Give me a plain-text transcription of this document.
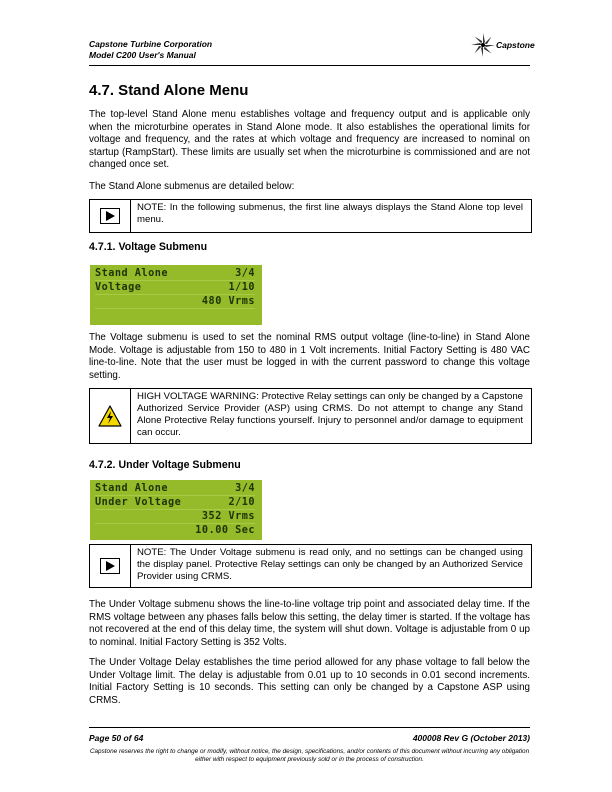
Capstone Turbine Corporation
Model C200 User's Manual
Capstone
4.7. Stand Alone Menu

The top-level Stand Alone menu establishes voltage and frequency output and is applicable only when the microturbine operates in Stand Alone mode. It also establishes the operational limits for voltage and frequency, and the rates at which voltage and frequency are increased to nominal on startup (RampStart). These limits are usually set when the microturbine is commissioned and are not changed once set.

The Stand Alone submenus are detailed below:

NOTE: In the following submenus, the first line always displays the Stand Alone top level menu.
4.7.1. Voltage Submenu
Stand Alone	3/4
Voltage	1/10
480 Vrms

The Voltage submenu is used to set the nominal RMS output voltage (line-to-line) in Stand Alone Mode. Voltage is adjustable from 150 to 480 in 1 Volt increments. Initial Factory Setting is 480 VAC line-to-line. Note that the user must be logged in with the current password to change this voltage setting.

HIGH VOLTAGE WARNING: Protective Relay settings can only be changed by a Capstone Authorized Service Provider (ASP) using CRMS. Do not attempt to change any Stand Alone Protective Relay functions yourself. Injury to personnel and/or damage to equipment can occur.
4.7.2. Under Voltage Submenu
Stand Alone	3/4
Under Voltage	2/10
352 Vrms
10.00 Sec
NOTE: The Under Voltage submenu is read only, and no settings can be changed using the display panel. Protective Relay settings can only be changed by an Authorized Service Provider using CRMS.

The Under Voltage submenu shows the line-to-line voltage trip point and associated delay time. If the RMS voltage between any phases falls below this setting, the delay timer is started. If the voltage has not recovered at the end of this delay time, the system will shut down. Voltage is adjustable from 0 up to nominal. Initial Factory Setting is 352 Volts.

The Under Voltage Delay establishes the time period allowed for any phase voltage to fall below the Under Voltage limit. The delay is adjustable from 0.01 up to 10 seconds in 0.01 second increments. Initial Factory Setting is 10 seconds. This setting can only be changed by a Capstone ASP using CRMS.

Page 50 of 64	400008 Rev G (October 2013)
Capstone reserves the right to change or modify, without notice, the design, specifications, and/or contents of this document without incurring any obligation either with respect to equipment previously sold or in the process of construction.
